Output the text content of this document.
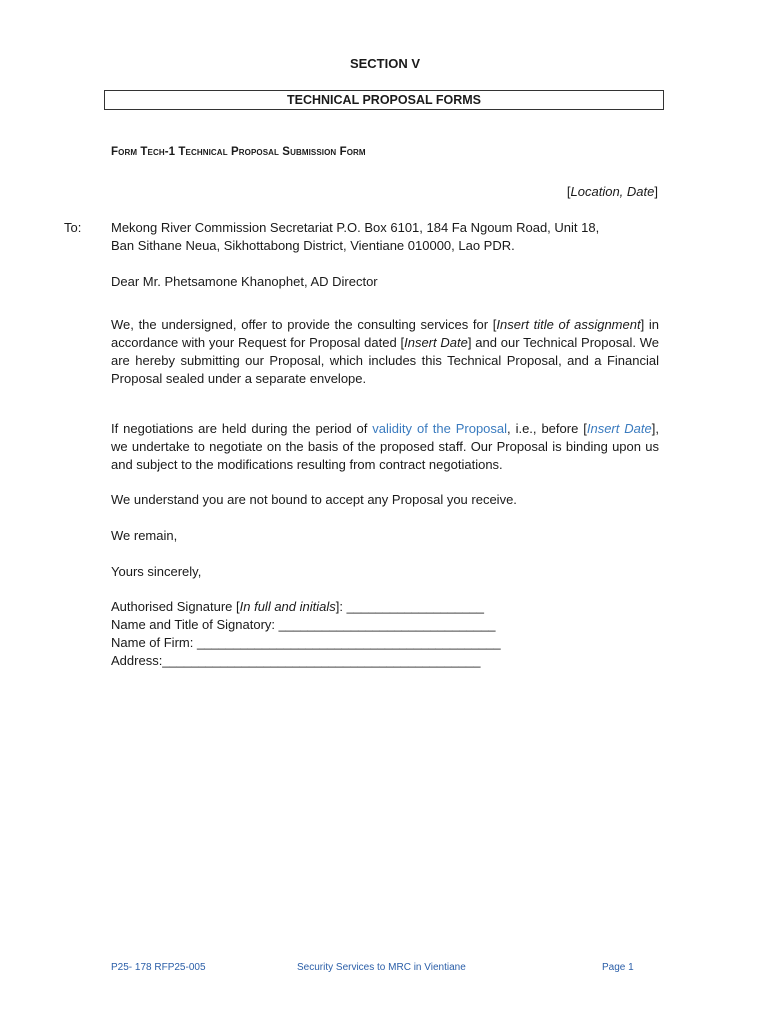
SECTION V
TECHNICAL PROPOSAL FORMS
Form Tech-1 Technical Proposal Submission Form
[Location, Date]
To: Mekong River Commission Secretariat P.O. Box 6101, 184 Fa Ngoum Road, Unit 18,
Ban Sithane Neua, Sikhottabong District, Vientiane 010000, Lao PDR.
Dear Mr. Phetsamone Khanophet, AD Director
We, the undersigned, offer to provide the consulting services for [Insert title of assignment] in accordance with your Request for Proposal dated [Insert Date] and our Technical Proposal. We are hereby submitting our Proposal, which includes this Technical Proposal, and a Financial Proposal sealed under a separate envelope.
If negotiations are held during the period of validity of the Proposal, i.e., before [Insert Date], we undertake to negotiate on the basis of the proposed staff. Our Proposal is binding upon us and subject to the modifications resulting from contract negotiations.
We understand you are not bound to accept any Proposal you receive.
We remain,
Yours sincerely,
Authorised Signature [In full and initials]: ___________________
Name and Title of Signatory: ______________________________
Name of Firm: __________________________________________
Address:____________________________________________
P25- 178 RFP25-005	Security Services to MRC in Vientiane	Page 1
